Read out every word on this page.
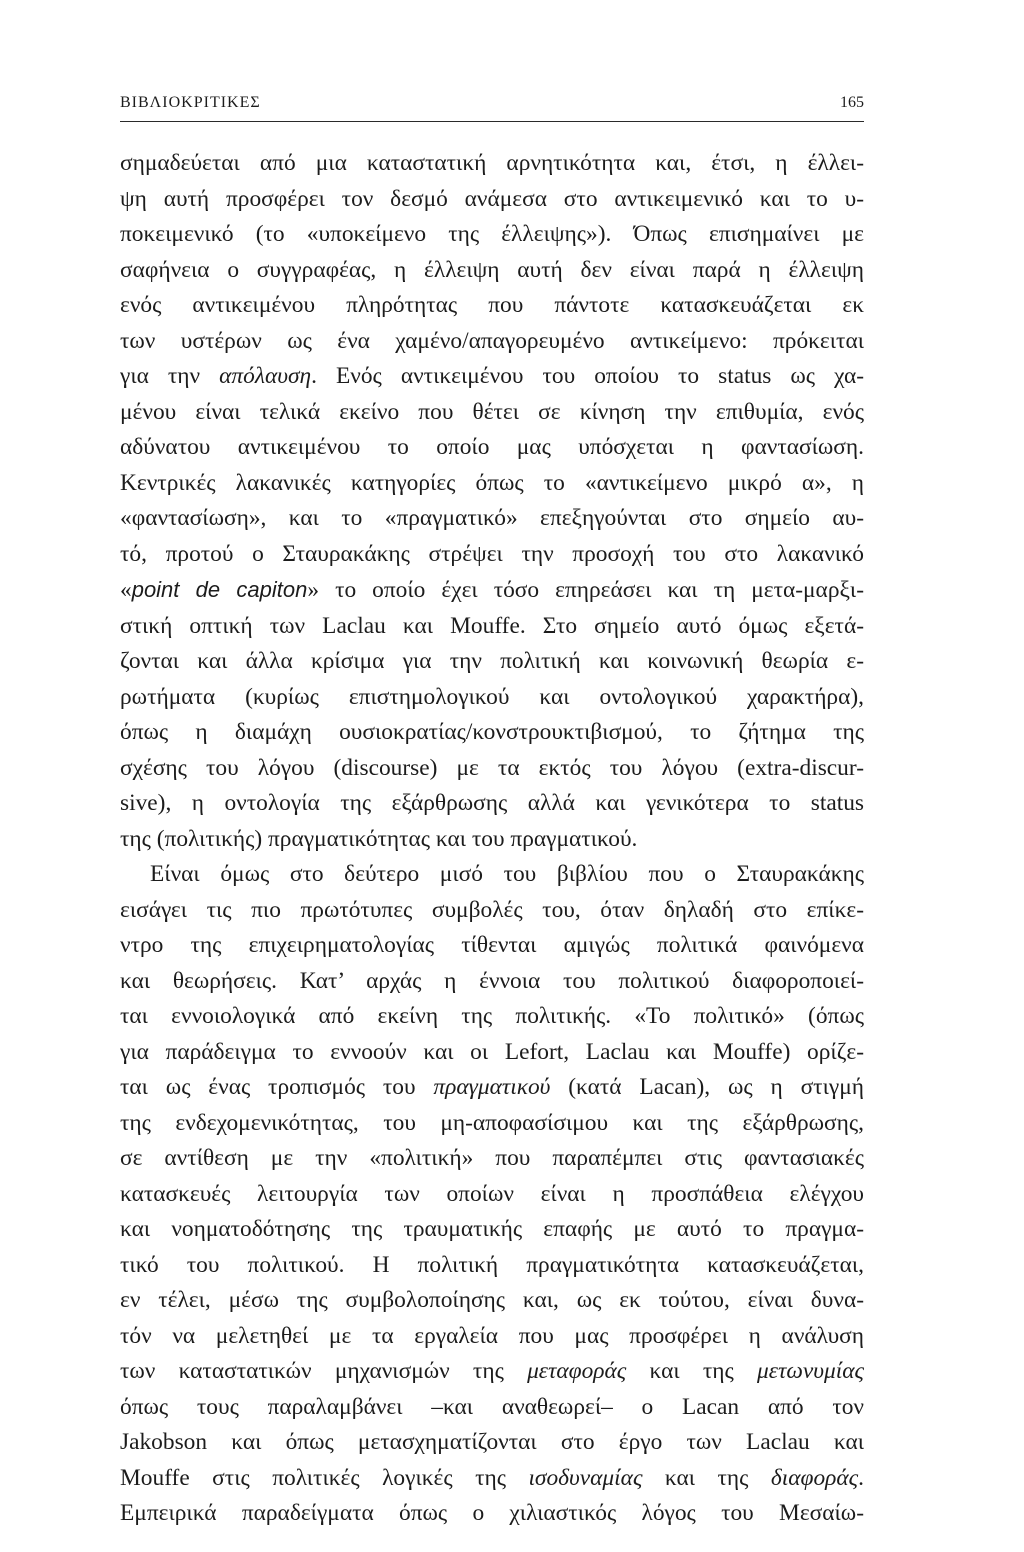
ΒΙΒΛΙΟΚΡΙΤΙΚΕΣ	165
σημαδεύεται από μια καταστατική αρνητικότητα και, έτσι, η έλλει-
ψη αυτή προσφέρει τον δεσμό ανάμεσα στο αντικειμενικό και το υ-
ποκειμενικό (το «υποκείμενο της έλλειψης»). Όπως επισημαίνει με
σαφήνεια ο συγγραφέας, η έλλειψη αυτή δεν είναι παρά η έλλειψη
ενός αντικειμένου πληρότητας που πάντοτε κατασκευάζεται εκ
των υστέρων ως ένα χαμένο/απαγορευμένο αντικείμενο: πρόκειται
για την απόλαυση. Ενός αντικειμένου του οποίου το status ως χα-
μένου είναι τελικά εκείνο που θέτει σε κίνηση την επιθυμία, ενός
αδύνατου αντικειμένου το οποίο μας υπόσχεται η φαντασίωση.
Κεντρικές λακανικές κατηγορίες όπως το «αντικείμενο μικρό α», η
«φαντασίωση», και το «πραγματικό» επεξηγούνται στο σημείο αυ-
τό, προτού ο Σταυρακάκης στρέψει την προσοχή του στο λακανικό
«point de capiton» το οποίο έχει τόσο επηρεάσει και τη μετα-μαρξι-
στική οπτική των Laclau και Mouffe. Στο σημείο αυτό όμως εξετά-
ζονται και άλλα κρίσιμα για την πολιτική και κοινωνική θεωρία ε-
ρωτήματα (κυρίως επιστημολογικού και οντολογικού χαρακτήρα),
όπως η διαμάχη ουσιοκρατίας/κονστρουκτιβισμού, το ζήτημα της
σχέσης του λόγου (discourse) με τα εκτός του λόγου (extra-discur-
sive), η οντολογία της εξάρθρωσης αλλά και γενικότερα το status
της (πολιτικής) πραγματικότητας και του πραγματικού.
Είναι όμως στο δεύτερο μισό του βιβλίου που ο Σταυρακάκης
εισάγει τις πιο πρωτότυπες συμβολές του, όταν δηλαδή στο επίκε-
ντρο της επιχειρηματολογίας τίθενται αμιγώς πολιτικά φαινόμενα
και θεωρήσεις. Κατ’ αρχάς η έννοια του πολιτικού διαφοροποιεί-
ται εννοιολογικά από εκείνη της πολιτικής. «Το πολιτικό» (όπως
για παράδειγμα το εννοούν και οι Lefort, Laclau και Mouffe) ορίζε-
ται ως ένας τροπισμός του πραγματικού (κατά Lacan), ως η στιγμή
της ενδεχομενικότητας, του μη-αποφασίσιμου και της εξάρθρωσης,
σε αντίθεση με την «πολιτική» που παραπέμπει στις φαντασιακές
κατασκευές λειτουργία των οποίων είναι η προσπάθεια ελέγχου
και νοηματοδότησης της τραυματικής επαφής με αυτό το πραγμα-
τικό του πολιτικού. Η πολιτική πραγματικότητα κατασκευάζεται,
εν τέλει, μέσω της συμβολοποίησης και, ως εκ τούτου, είναι δυνα-
τόν να μελετηθεί με τα εργαλεία που μας προσφέρει η ανάλυση
των καταστατικών μηχανισμών της μεταφοράς και της μετωνυμίας
όπως τους παραλαμβάνει –και αναθεωρεί– ο Lacan από τον
Jakobson και όπως μετασχηματίζονται στο έργο των Laclau και
Mouffe στις πολιτικές λογικές της ισοδυναμίας και της διαφοράς.
Εμπειρικά παραδείγματα όπως ο χιλιαστικός λόγος του Μεσαίω-
